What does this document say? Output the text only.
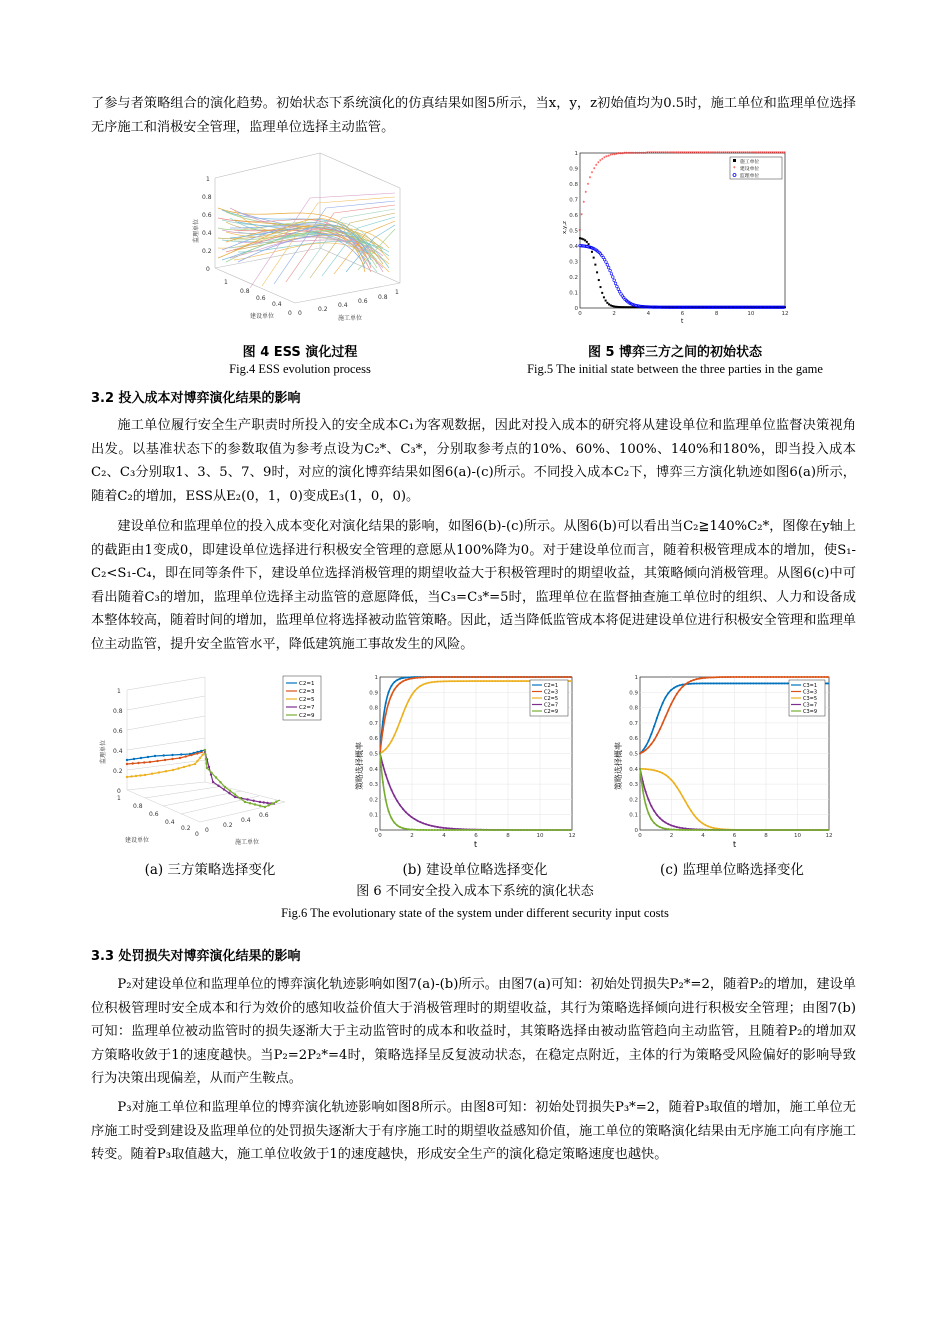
了参与者策略组合的演化趋势。初始状态下系统演化的仿真结果如图5所示，当x，y，z初始值均为0.5时，施工单位和监理单位选择无序施工和消极安全管理，监理单位选择主动监管。

0
0.2
0.4
0.6
0.8
1
1
0.8
0.6
0.4
0 0
0.2
0.4
0.6
0.8
1
建设单位	施工单位
监理单位
图 4 ESS 演化过程
Fig.4 ESS evolution process
0
0.1
0.2
0.3
0.4
0.5
0.6
0.7
0.8
0.9
1
0	2	4	6	8	10	12
*
*
*
*
*
*
*
*
* * * * * * * * * * * * * * * * * * * * * * * * * * * * * * * * * * * * * * * * * * * * * * * * * * * * * * * * * * * * * * * * * * * * * * * * * * * * * * * * * * * * * * * * * * * * *
施工单位
* 建设单位
监理单位
t
x,y,z
图 5 博弈三方之间的初始状态
Fig.5 The initial state between the three parties in the game

3.2 投入成本对博弈演化结果的影响

施工单位履行安全生产职责时所投入的安全成本C₁为客观数据，因此对投入成本的研究将从建设单位和监理单位监督决策视角出发。以基准状态下的参数取值为参考点设为C₂*、C₃*，分别取参考点的10%、60%、100%、140%和180%，即当投入成本C₂、C₃分别取1、3、5、7、9时，对应的演化博弈结果如图6(a)-(c)所示。不同投入成本C₂下，博弈三方演化轨迹如图6(a)所示，随着C₂的增加，ESS从E₂(0，1，0)变成E₃(1，0，0)。

建设单位和监理单位的投入成本变化对演化结果的影响，如图6(b)-(c)所示。从图6(b)可以看出当C₂≧140%C₂*，图像在y轴上的截距由1变成0，即建设单位选择进行积极安全管理的意愿从100%降为0。对于建设单位而言，随着积极管理成本的增加，使S₁-C₂<S₁-C₄，即在同等条件下，建设单位选择消极管理的期望收益大于积极管理时的期望收益，其策略倾向消极管理。从图6(c)中可看出随着C₃的增加，监理单位选择主动监管的意愿降低，当C₃=C₃*=5时，监理单位在监督抽查施工单位时的组织、人力和设备成本整体较高，随着时间的增加，监理单位将选择被动监管策略。因此，适当降低监管成本将促进建设单位进行积极安全管理和监理单位主动监管，提升安全监管水平，降低建筑施工事故发生的风险。

C2=1
C2=3
C2=5
C2=7
C2=9
0
0.2
0.4
0.6
0.8
1
1
0.8
0.6
0.4
0.2
0
0
0.2
0.4
0.6
建设单位	施工单位
监理单位
0
0.1
0.2
0.3
0.4
0.5
0.6
0.7
0.8
0.9
1
0	2	4	6	8	10	12
C2=1
C2=3
C2=5
C2=7
C2=9
t
策略选择概率
0
0.1
0.2
0.3
0.4
0.5
0.6
0.7
0.8
0.9
1
0	2	4	6	8	10	12
C3=1
C3=3
C3=5
C3=7
C3=9
t
策略选择概率
(a) 三方策略选择变化	(b) 建设单位略选择变化	(c) 监理单位略选择变化
图 6 不同安全投入成本下系统的演化状态
Fig.6 The evolutionary state of the system under different security input costs

3.3 处罚损失对博弈演化结果的影响

P₂对建设单位和监理单位的博弈演化轨迹影响如图7(a)-(b)所示。由图7(a)可知：初始处罚损失P₂*=2，随着P₂的增加，建设单位积极管理时安全成本和行为效价的感知收益价值大于消极管理时的期望收益，其行为策略选择倾向进行积极安全管理；由图7(b)可知：监理单位被动监管时的损失逐渐大于主动监管时的成本和收益时，其策略选择由被动监管趋向主动监管，且随着P₂的增加双方策略收敛于1的速度越快。当P₂=2P₂*=4时，策略选择呈反复波动状态，在稳定点附近，主体的行为策略受风险偏好的影响导致行为决策出现偏差，从而产生鞍点。

P₃对施工单位和监理单位的博弈演化轨迹影响如图8所示。由图8可知：初始处罚损失P₃*=2，随着P₃取值的增加，施工单位无序施工时受到建设及监理单位的处罚损失逐渐大于有序施工时的期望收益感知价值，施工单位的策略演化结果由无序施工向有序施工转变。随着P₃取值越大，施工单位收敛于1的速度越快，形成安全生产的演化稳定策略速度也越快。
